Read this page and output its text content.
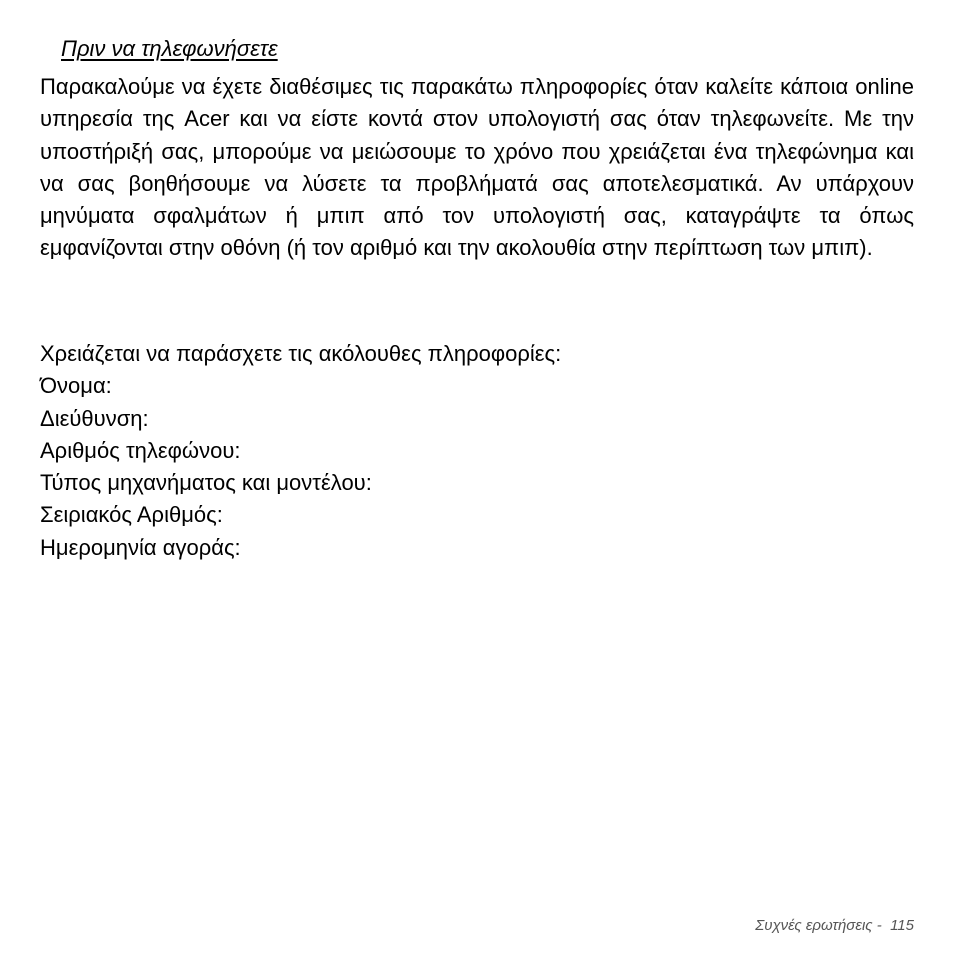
Πριν να τηλεφωνήσετε

Παρακαλούμε να έχετε διαθέσιμες τις παρακάτω πληροφορίες όταν καλείτε κάποια online υπηρεσία της Acer και να είστε κοντά στον υπολογιστή σας όταν τηλεφωνείτε. Με την υποστήριξή σας, μπορούμε να μειώσουμε το χρόνο που χρειάζεται ένα τηλεφώνημα και να σας βοηθήσουμε να λύσετε τα προβλήματά σας αποτελεσματικά. Αν υπάρχουν μηνύματα σφαλμάτων ή μπιπ από τον υπολογιστή σας, καταγράψτε τα όπως εμφανίζονται στην οθόνη (ή τον αριθμό και την ακολουθία στην περίπτωση των μπιπ).

Χρειάζεται να παράσχετε τις ακόλουθες πληροφορίες:
Όνομα:
Διεύθυνση:
Αριθμός τηλεφώνου:
Τύπος μηχανήματος και μοντέλου:
Σειριακός Αριθμός:
Ημερομηνία αγοράς:
Συχνές ερωτήσεις - 115
